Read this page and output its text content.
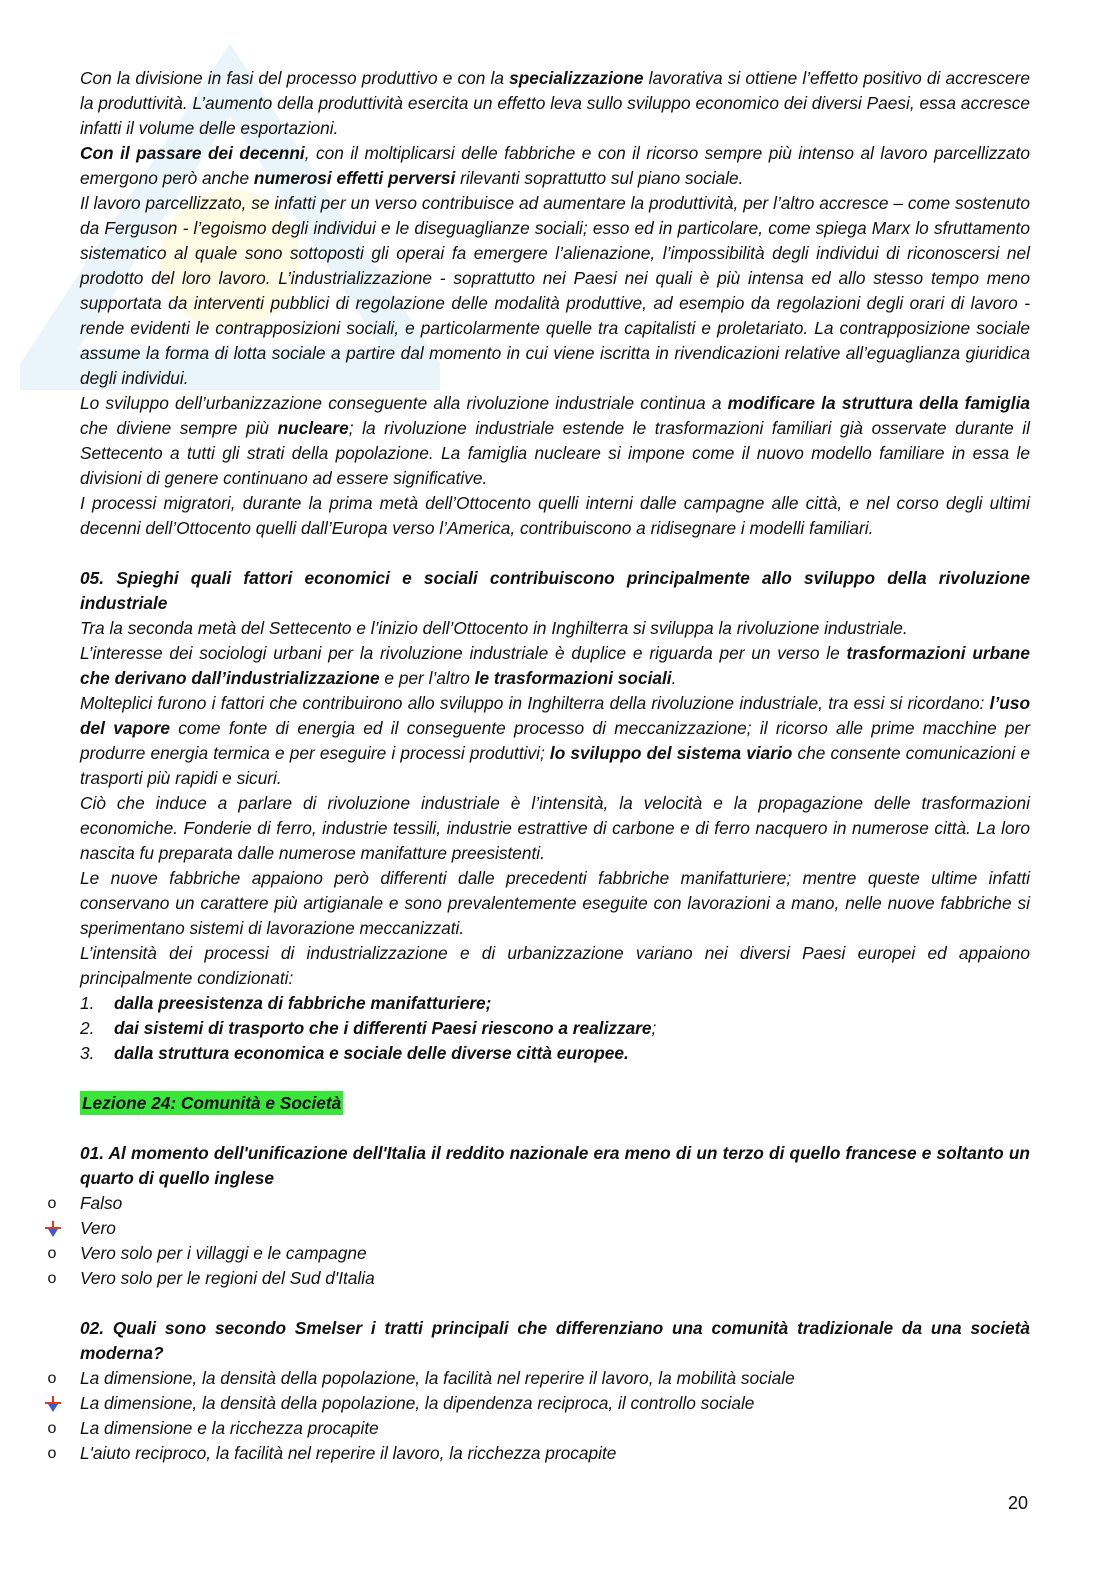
Con la divisione in fasi del processo produttivo e con la specializzazione lavorativa si ottiene l’effetto positivo di accrescere la produttività. L’aumento della produttività esercita un effetto leva sullo sviluppo economico dei diversi Paesi, essa accresce infatti il volume delle esportazioni.

Con il passare dei decenni, con il moltiplicarsi delle fabbriche e con il ricorso sempre più intenso al lavoro parcellizzato emergono però anche numerosi effetti perversi rilevanti soprattutto sul piano sociale.

Il lavoro parcellizzato, se infatti per un verso contribuisce ad aumentare la produttività, per l’altro accresce – come sostenuto da Ferguson - l’egoismo degli individui e le diseguaglianze sociali; esso ed in particolare, come spiega Marx lo sfruttamento sistematico al quale sono sottoposti gli operai fa emergere l’alienazione, l’impossibilità degli individui di riconoscersi nel prodotto del loro lavoro. L’industrializzazione - soprattutto nei Paesi nei quali è più intensa ed allo stesso tempo meno supportata da interventi pubblici di regolazione delle modalità produttive, ad esempio da regolazioni degli orari di lavoro - rende evidenti le contrapposizioni sociali, e particolarmente quelle tra capitalisti e proletariato. La contrapposizione sociale assume la forma di lotta sociale a partire dal momento in cui viene iscritta in rivendicazioni relative all’eguaglianza giuridica degli individui.

Lo sviluppo dell’urbanizzazione conseguente alla rivoluzione industriale continua a modificare la struttura della famiglia che diviene sempre più nucleare; la rivoluzione industriale estende le trasformazioni familiari già osservate durante il Settecento a tutti gli strati della popolazione. La famiglia nucleare si impone come il nuovo modello familiare in essa le divisioni di genere continuano ad essere significative.

I processi migratori, durante la prima metà dell’Ottocento quelli interni dalle campagne alle città, e nel corso degli ultimi decenni dell’Ottocento quelli dall’Europa verso l’America, contribuiscono a ridisegnare i modelli familiari.

05. Spieghi quali fattori economici e sociali contribuiscono principalmente allo sviluppo della rivoluzione industriale

Tra la seconda metà del Settecento e l’inizio dell’Ottocento in Inghilterra si sviluppa la rivoluzione industriale.

L’interesse dei sociologi urbani per la rivoluzione industriale è duplice e riguarda per un verso le trasformazioni urbane che derivano dall’industrializzazione e per l’altro le trasformazioni sociali.

Molteplici furono i fattori che contribuirono allo sviluppo in Inghilterra della rivoluzione industriale, tra essi si ricordano: l’uso del vapore come fonte di energia ed il conseguente processo di meccanizzazione; il ricorso alle prime macchine per produrre energia termica e per eseguire i processi produttivi; lo sviluppo del sistema viario che consente comunicazioni e trasporti più rapidi e sicuri.

Ciò che induce a parlare di rivoluzione industriale è l’intensità, la velocità e la propagazione delle trasformazioni economiche. Fonderie di ferro, industrie tessili, industrie estrattive di carbone e di ferro nacquero in numerose città. La loro nascita fu preparata dalle numerose manifatture preesistenti.

Le nuove fabbriche appaiono però differenti dalle precedenti fabbriche manifatturiere; mentre queste ultime infatti conservano un carattere più artigianale e sono prevalentemente eseguite con lavorazioni a mano, nelle nuove fabbriche si sperimentano sistemi di lavorazione meccanizzati.

L’intensità dei processi di industrializzazione e di urbanizzazione variano nei diversi Paesi europei ed appaiono principalmente condizionati:

1.	dalla preesistenza di fabbriche manifatturiere;
2.	dai sistemi di trasporto che i differenti Paesi riescono a realizzare;
3.	dalla struttura economica e sociale delle diverse città europee.
Lezione 24: Comunità e Società

01. Al momento dell'unificazione dell'Italia il reddito nazionale era meno di un terzo di quello francese e soltanto un quarto di quello inglese

o Falso
Vero
o Vero solo per i villaggi e le campagne
o Vero solo per le regioni del Sud d'Italia

02. Quali sono secondo Smelser i tratti principali che differenziano una comunità tradizionale da una società moderna?

o La dimensione, la densità della popolazione, la facilità nel reperire il lavoro, la mobilità sociale
La dimensione, la densità della popolazione, la dipendenza reciproca, il controllo sociale
o La dimensione e la ricchezza procapite
o L'aiuto reciproco, la facilità nel reperire il lavoro, la ricchezza procapite
20
